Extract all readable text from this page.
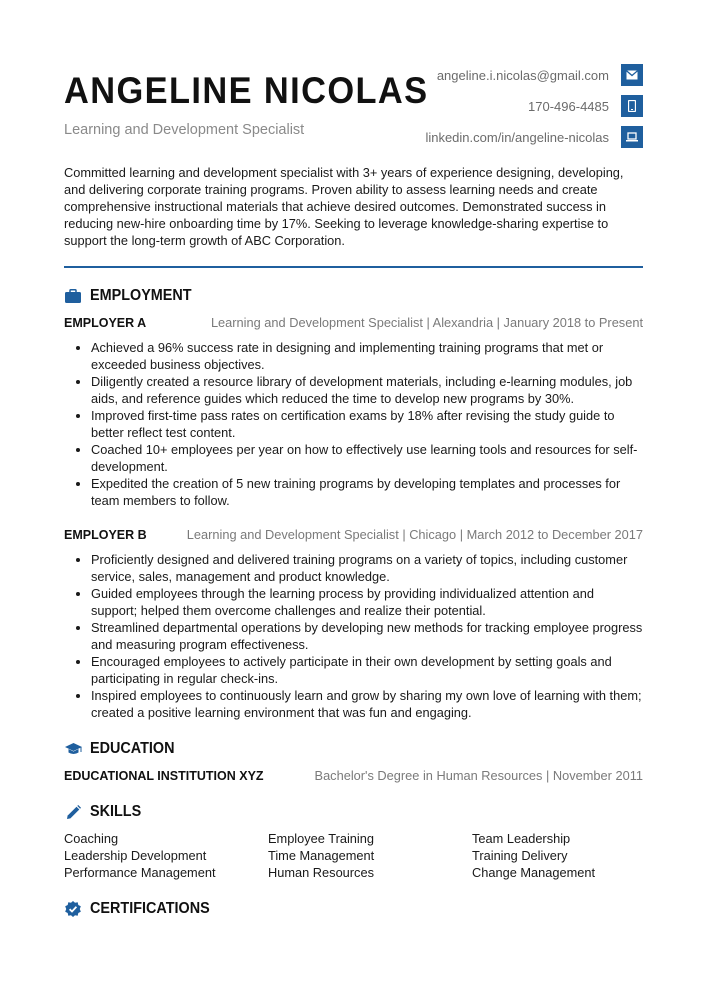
ANGELINE NICOLAS
Learning and Development Specialist
angeline.i.nicolas@gmail.com
170-496-4485
linkedin.com/in/angeline-nicolas

Committed learning and development specialist with 3+ years of experience designing, developing, and delivering corporate training programs. Proven ability to assess learning needs and create comprehensive instructional materials that achieve desired outcomes. Demonstrated success in reducing new-hire onboarding time by 17%. Seeking to leverage knowledge-sharing expertise to support the long-term growth of ABC Corporation.

EMPLOYMENT
EMPLOYER A	Learning and Development Specialist | Alexandria | January 2018 to Present
• Achieved a 96% success rate in designing and implementing training programs that met or exceeded business objectives.
• Diligently created a resource library of development materials, including e-learning modules, job aids, and reference guides which reduced the time to develop new programs by 30%.
• Improved first-time pass rates on certification exams by 18% after revising the study guide to better reflect test content.
• Coached 10+ employees per year on how to effectively use learning tools and resources for self-development.
• Expedited the creation of 5 new training programs by developing templates and processes for team members to follow.
EMPLOYER B	Learning and Development Specialist | Chicago | March 2012 to December 2017
• Proficiently designed and delivered training programs on a variety of topics, including customer service, sales, management and product knowledge.
• Guided employees through the learning process by providing individualized attention and support; helped them overcome challenges and realize their potential.
• Streamlined departmental operations by developing new methods for tracking employee progress and measuring program effectiveness.
• Encouraged employees to actively participate in their own development by setting goals and participating in regular check-ins.
• Inspired employees to continuously learn and grow by sharing my own love of learning with them; created a positive learning environment that was fun and engaging.
EDUCATION
EDUCATIONAL INSTITUTION XYZ	Bachelor's Degree in Human Resources | November 2011
SKILLS
Coaching	Employee Training	Team Leadership
Leadership Development	Time Management	Training Delivery
Performance Management	Human Resources	Change Management
CERTIFICATIONS
